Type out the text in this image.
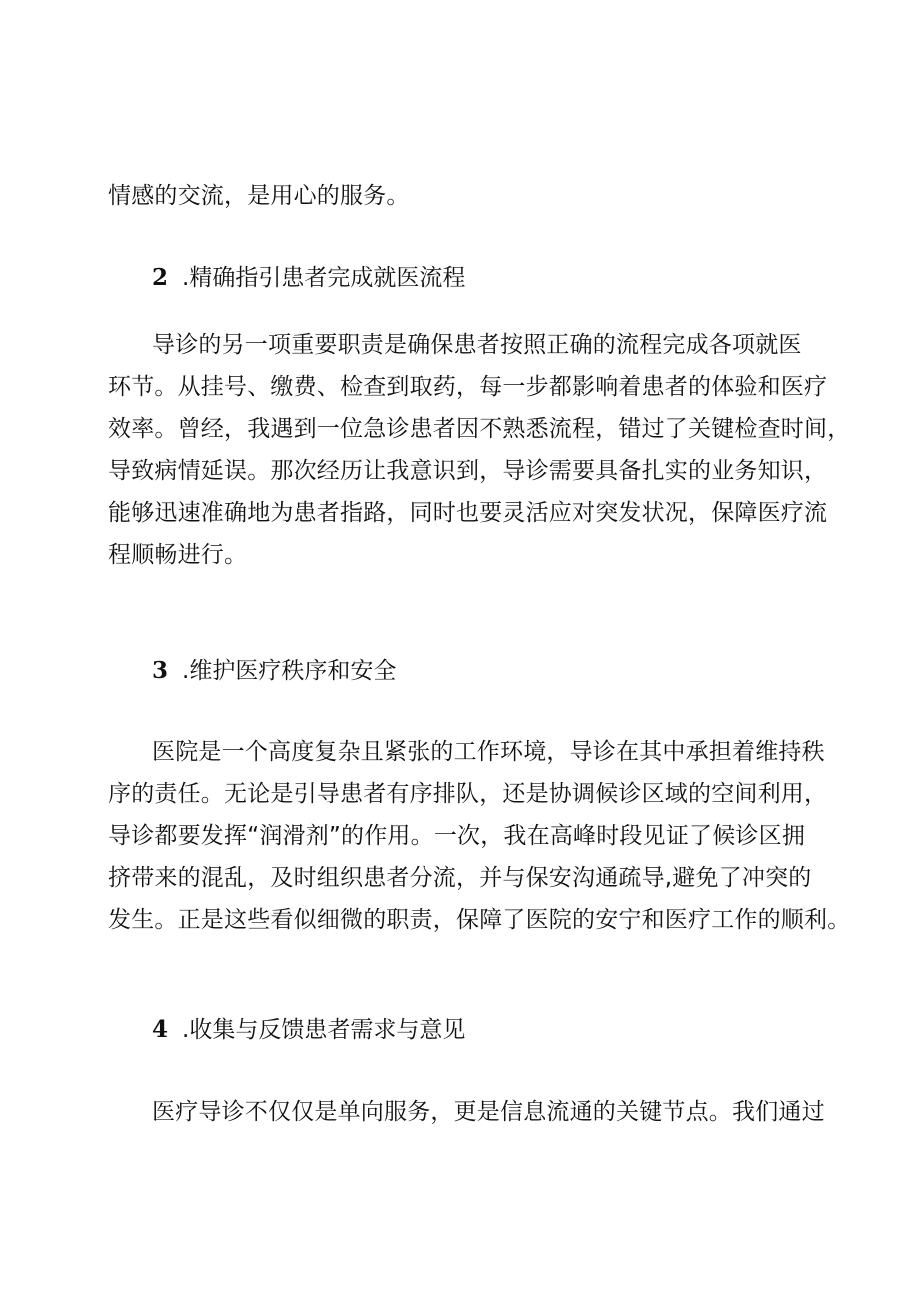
情感的交流，是用心的服务。
2 .精确指引患者完成就医流程
导诊的另一项重要职责是确保患者按照正确的流程完成各项就医
环节。从挂号、缴费、检查到取药，每一步都影响着患者的体验和医疗
效率。曾经，我遇到一位急诊患者因不熟悉流程，错过了关键检查时间，
导致病情延误。那次经历让我意识到，导诊需要具备扎实的业务知识，
能够迅速准确地为患者指路，同时也要灵活应对突发状况，保障医疗流
程顺畅进行。
3 .维护医疗秩序和安全
医院是一个高度复杂且紧张的工作环境，导诊在其中承担着维持秩
序的责任。无论是引导患者有序排队，还是协调候诊区域的空间利用，
导诊都要发挥“润滑剂”的作用。一次，我在高峰时段见证了候诊区拥
挤带来的混乱，及时组织患者分流，并与保安沟通疏导,避免了冲突的
发生。正是这些看似细微的职责，保障了医院的安宁和医疗工作的顺利。
4 .收集与反馈患者需求与意见
医疗导诊不仅仅是单向服务，更是信息流通的关键节点。我们通过
